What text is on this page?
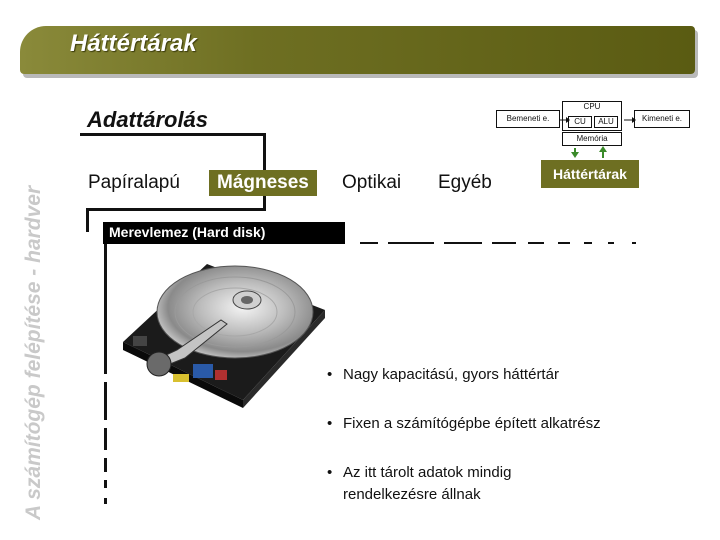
Háttértárak
A számítógép felépítése - hardver
Adattárolás
Papíralapú	Mágneses	Optikai Egyéb
Merevlemez (Hard disk)
• Nagy kapacitású, gyors háttértár
• Fixen a számítógépbe épített alkatrész
• Az itt tárolt adatok mindig
rendelkezésre állnak
Bemeneti e.
CPU
CU	ALU
Memória
Kimeneti e.
Háttértárak
